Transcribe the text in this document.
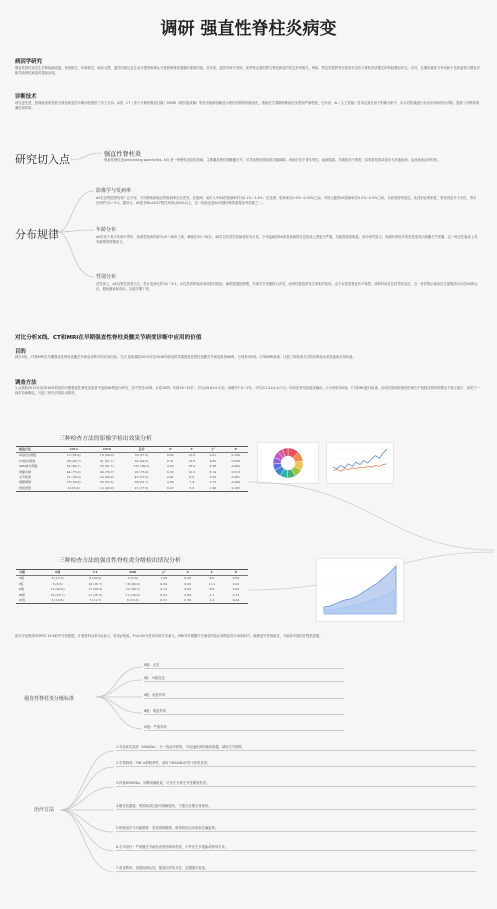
调研 强直性脊柱炎病变
病因学研究
强直性脊柱炎发生多种致病因素，免疫相关、年龄相关、职业习惯、遗传因素以及生活习惯等都被认为是影响脊柱健康的重要因素。近年来，遗传学研究发现，某些特定基因型与脊柱病变的发生密切相关。例如，特定类型的等位基因多态性与脊柱骨质增生的风险增加有关。另外，长期的重体力劳动和不良的姿势习惯也可能导致脊柱病变的提前出现。
诊断技术
现在更先进，影像检查的发展为脊柱病变的早期诊断提供了有力支持。X线、CT（电子计算机断层扫描）和MRI（磁共振成像）等技术能够清晰显示脊柱结构的细微变化，帮助医生准确判断病变类型和严重程度。近年来，AI（人工智能）技术也被应用于影像分析中，可以对影像进行自动识别和初步诊断，提高了诊断的准确性和效率。
研究切入点	强直性脊柱炎
强直性脊柱炎(ankylosing spondylitis, AS) 是一种慢性炎症性疾病，主要累及脊柱和骶髂关节，可导致脊柱强直和功能障碍。该病多见于青年男性，起病隐匿，早期症状不典型，容易被忽视或误诊为其他疾病，从而延误治疗时机。
分布规律
影像学与发病率
AS在世界范围均有广泛分布，不同种族和地区的患病率存在差异。在欧洲，成年人中AS的患病率约为0.1%~1.4%；在亚洲，患病率在0.2%~0.54%之间。中国大陆的AS患病率在0.2%~0.5%之间，与欧美国家接近。从性别比例来看，男性明显多于女性，男女比例约为2~3:1。据估计，AS患者HLA-B27阳性率高达90%以上，这一指标也是AS早期诊断的重要参考依据之一。
年龄分布
AS好发于青少年和中青年，其典型发病年龄为15~30岁之间，峰值在20~30岁。40岁以后首次发病者较为少见。少年起病的AS患者其病情往往较成人型更为严重，功能损害更明显。部分研究显示，发病年龄较早的患者更易出现髋关节受累，这一特点在临床上具有重要的预警意义。
性别分布
在性别上，AS以男性患者为主，男女发病比约为2~3:1。女性患者的临床表现相对较轻，病程进展较缓慢，外周关节受累较为多见，而脊柱强直的发生率相对较低。由于女性患者症状不典型，诊断时间往往较男性延迟，这一差异提示临床医生需提高对女性AS的认识，避免漏诊和误诊，以便早期干预。
对比分析X线、CT和MRI在早期强直性脊柱炎髋关节病变诊断中应用的价值
目的
探讨X线、CT和MRI在早期强直性脊柱炎髋关节病变诊断中的应用价值。方法 选取我院2015年至2016年收治的早期强直性脊柱炎髋关节病变患者60例，分别采用X线、CT和MRI检查，比较三种检查方法的诊断检出率及临床应用价值。
调查方法
1.从我院2015年至2016年收治的早期强直性脊柱炎患者中选取60例进行研究，其中男性40例，女性20例；年龄18~45岁，平均(28.6±5.3)岁。病程3个月~2年，平均(11.2±4.1)个月。所有患者均经临床确诊。2.分别采用X线、CT及MRI进行检查，由两名资深放射科医师在不知临床资料的情况下独立阅片，意见不一致时协商确定，比较三种方法的检出情况。
三种检查方法的影像学检出效果分析
检查方法	2015	2016	总计	P	F	χ²	P
X线检出例数	15 (25.0)	18 (30.0)	33 (27.5)	0.42	12.8	2.61	0.106
CT检出例数	28 (46.7)	31 (51.7)	59 (49.2)	0.31	15.6	4.82	0.028
MRI检出例数	52 (86.7)	55 (91.7)	107 (89.2)	0.25	18.4	9.36	0.002
骨髓水肿	44 (73.3)	46 (76.7)	90 (75.0)	0.33	10.2	6.14	0.013
关节积液	21 (35.0)	24 (40.0)	45 (37.5)	0.41	8.9	3.05	0.081
滑膜增厚	18 (30.0)	20 (33.3)	38 (31.7)	0.38	7.4	2.72	0.099
骨质侵蚀	9 (15.0)	12 (20.0)	21 (17.5)	0.47	5.3	1.96	0.162
三种检查方法的强直性脊柱炎分级检出情况分析
分级	X线	CT	MRI	χ²	P	F	P
0级	8 (13.3)	6 (10.0)	3 (5.0)	1.26	0.26	4.8	0.05
Ⅰ级	5 (8.3)	10 (16.7)	18 (30.0)	9.84	0.00	11.2	0.01
Ⅱ级	12 (20.0)	17 (28.3)	22 (36.7)	4.12	0.04	8.6	0.02
Ⅲ级	10 (16.7)	11 (18.3)	12 (20.0)	0.22	0.64	2.1	0.15
Ⅳ级	6 (10.0)	7 (11.7)	8 (13.3)	0.31	0.58	1.4	0.24
统计学处理采用SPSS 19.0软件分析数据，计数资料以率(%)表示，采用χ²检验，P<0.05为差异有统计学意义。MRI对早期髋关节病变的检出率明显高于X线和CT，能够更早发现病变，为临床早期治疗提供依据。
强直性脊柱炎分级标准
0级：正常
Ⅰ级：可疑变化
Ⅱ级：轻度异常
Ⅲ级：明显异常
Ⅳ级：严重异常
治疗方法
1.非甾体抗炎药（NSAIDs）：为一线治疗药物，可迅速改善疼痛和晨僵，减轻关节肿胀。
2.生物制剂：TNF-α抑制剂等，适用于NSAIDs疗效不佳的患者。
3.传统DMARDs：如柳氮磺吡啶，可用于外周关节受累的患者。
4.糖皮质激素：短期局部注射可缓解症状，不建议长期全身使用。
5.物理治疗与功能锻炼：坚持规律锻炼，维持脊柱活动度和正确姿势。
6.手术治疗：严重髋关节病变或脊柱畸形患者，可考虑关节置换或矫形手术。
7.患者教育：加强疾病认知，提高治疗依从性，定期随访复查。
